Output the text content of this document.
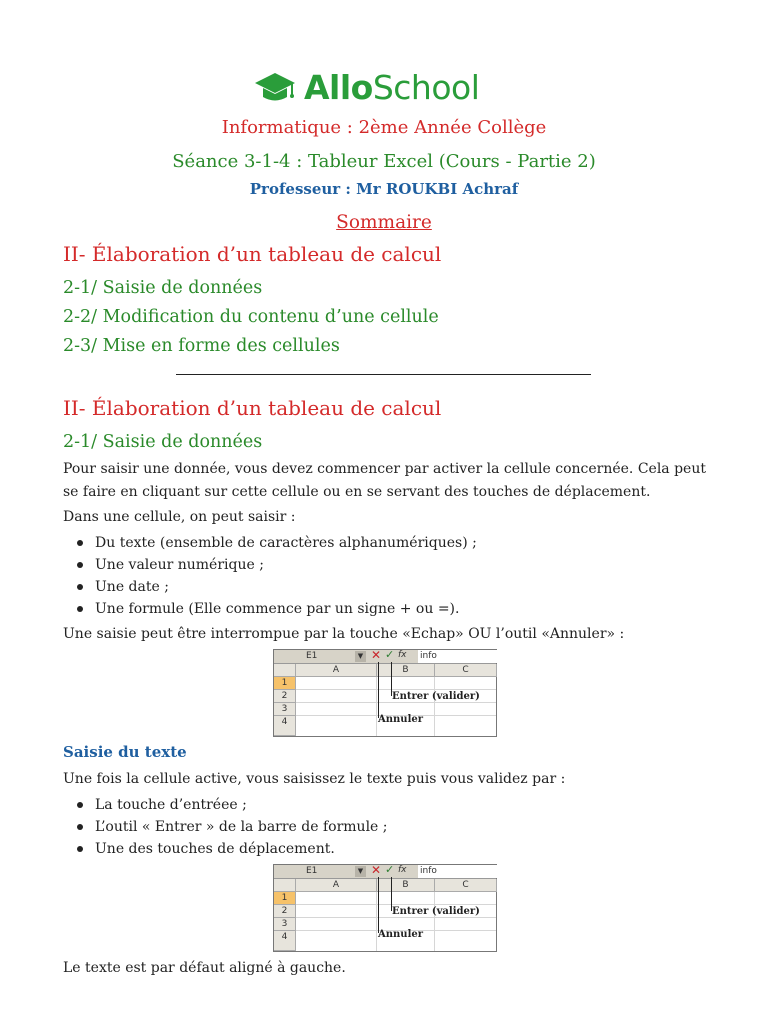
AlloSchool
Informatique : 2ème Année Collège
Séance 3-1-4 : Tableur Excel (Cours - Partie 2)
Professeur : Mr ROUKBI Achraf
Sommaire
II- Élaboration d’un tableau de calcul
2-1/ Saisie de données
2-2/ Modification du contenu d’une cellule
2-3/ Mise en forme des cellules
II- Élaboration d’un tableau de calcul
2-1/ Saisie de données
Pour saisir une donnée, vous devez commencer par activer la cellule concernée. Cela peut se faire en cliquant sur cette cellule ou en se servant des touches de déplacement.
Dans une cellule, on peut saisir :
Du texte (ensemble de caractères alphanumériques) ;
Une valeur numérique ;
Une date ;
Une formule (Elle commence par un signe + ou =).
Une saisie peut être interrompue par la touche «Echap» OU l’outil «Annuler» :
E1	▼ ✕ ✓ fx info
A	B	C
1
2
3
4
Entrer (valider)
Annuler
Saisie du texte
Une fois la cellule active, vous saisissez le texte puis vous validez par :
La touche d’entréee ;
L’outil « Entrer » de la barre de formule ;
Une des touches de déplacement.
E1	▼ ✕ ✓ fx info
A	B	C
1
2
3
4
Entrer (valider)
Annuler
Le texte est par défaut aligné à gauche.
